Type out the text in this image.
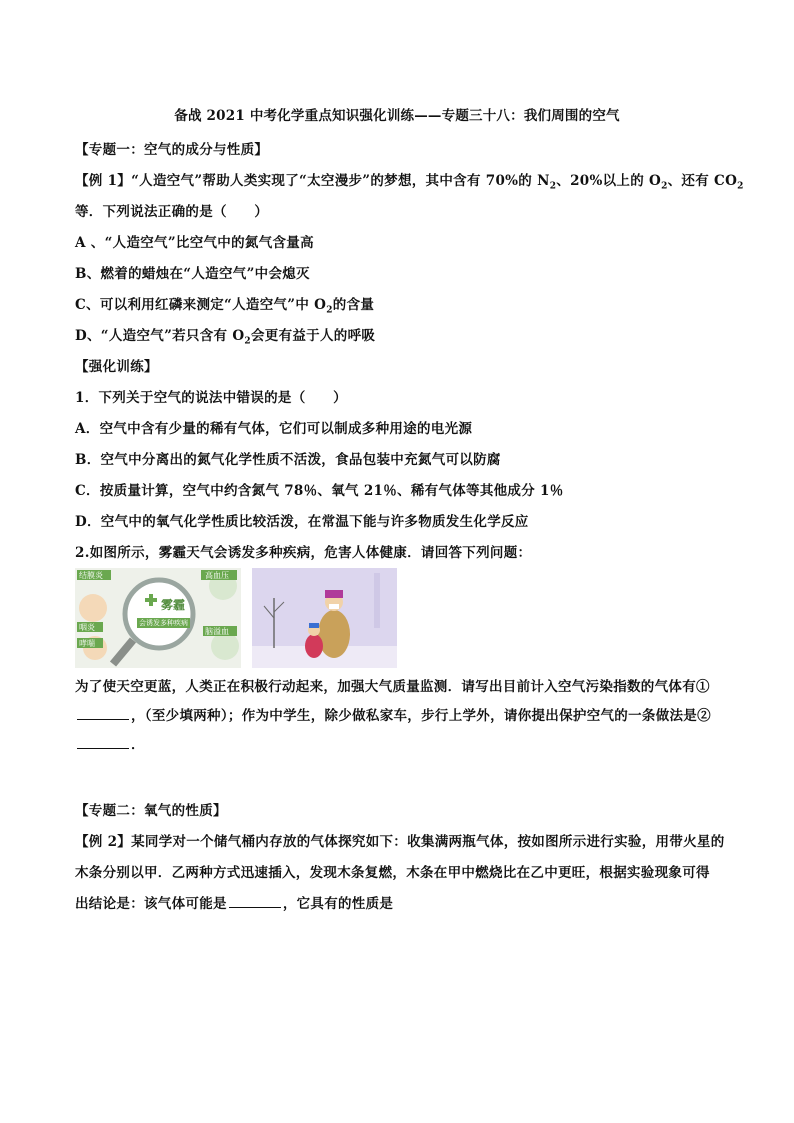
备战 2021 中考化学重点知识强化训练——专题三十八：我们周围的空气
【专题一：空气的成分与性质】
【例 1】“人造空气”帮助人类实现了“太空漫步”的梦想，其中含有 70%的 $N_2$、20%以上的 $O_2$、还有 $CO_2$
等．下列说法正确的是（　　）
A 、“人造空气”比空气中的氮气含量高
B、燃着的蜡烛在“人造空气”中会熄灭
C、可以利用红磷来测定“人造空气”中 $O_2$的含量
D、“人造空气”若只含有 $O_2$会更有益于人的呼吸
【强化训练】
1．下列关于空气的说法中错误的是（　　）
A．空气中含有少量的稀有气体，它们可以制成多种用途的电光源
B．空气中分离出的氮气化学性质不活泼，食品包装中充氮气可以防腐
C．按质量计算，空气中约含氮气 78％、氧气 21％、稀有气体等其他成分 1％
D．空气中的氧气化学性质比较活泼，在常温下能与许多物质发生化学反应
2.如图所示，雾霾天气会诱发多种疾病，危害人体健康．请回答下列问题：
结膜炎	高血压
咽炎	脑溢血
哮喘
雾霾
会诱发多种疾病
为了使天空更蓝，人类正在积极行动起来，加强大气质量监测．请写出目前计入空气污染指数的气体有①
，（至少填两种）；作为中学生，除少做私家车，步行上学外，请你提出保护空气的一条做法是②
．
【专题二：氧气的性质】
【例 2】某同学对一个储气桶内存放的气体探究如下：收集满两瓶气体，按如图所示进行实验，用带火星的
木条分别以甲．乙两种方式迅速插入，发现木条复燃，木条在甲中燃烧比在乙中更旺，根据实验现象可得
出结论是：该气体可能是	，它具有的性质是
